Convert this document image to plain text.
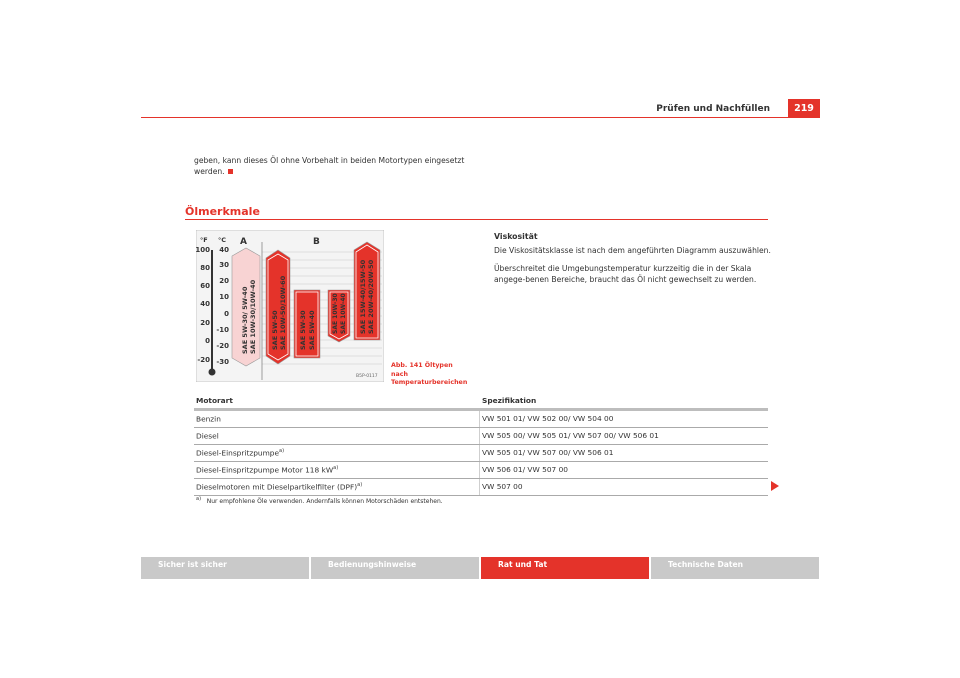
Prüfen und Nachfüllen	219
geben, kann dieses Öl ohne Vorbehalt in beiden Motortypen eingesetzt werden.
Ölmerkmale
°F °C
100
80
60
40
20
0
-20
40
30
20
10
0
-10
-20
-30
A	B
SAE 5W-30/ 5W-40 SAE 10W-30/10W-40 SAE 5W-50 SAE 10W-50/10W-60 SAE 5W-30 SAE 5W-40	SAE 10W-30 SAE 10W-40 SAE 15W-40/15W-50 SAE 20W-40/20W-50
B5P-0117
Abb. 141 Öltypen nach Temperaturbereichen
Viskosität
Die Viskositätsklasse ist nach dem angeführten Diagramm auszuwählen.
Überschreitet die Umgebungstemperatur kurzzeitig die in der Skala angege-benen Bereiche, braucht das Öl nicht gewechselt zu werden.
Motorart	Spezifikation
Benzin	VW 501 01/ VW 502 00/ VW 504 00
Diesel	VW 505 00/ VW 505 01/ VW 507 00/ VW 506 01
Diesel-Einspritzpumpe$^{a)}$	VW 505 01/ VW 507 00/ VW 506 01
Diesel-Einspritzpumpe Motor 118 $kW^{a)}$	VW 506 01/ VW 507 00
Dieselmotoren mit Dieselpartikelfilter (DPF)$^{a)}$	VW 507 00
$^{a)}$ Nur empfohlene Öle verwenden. Andernfalls können Motorschäden entstehen.
Sicher ist sicher	Bedienungshinweise	Rat und Tat	Technische Daten
